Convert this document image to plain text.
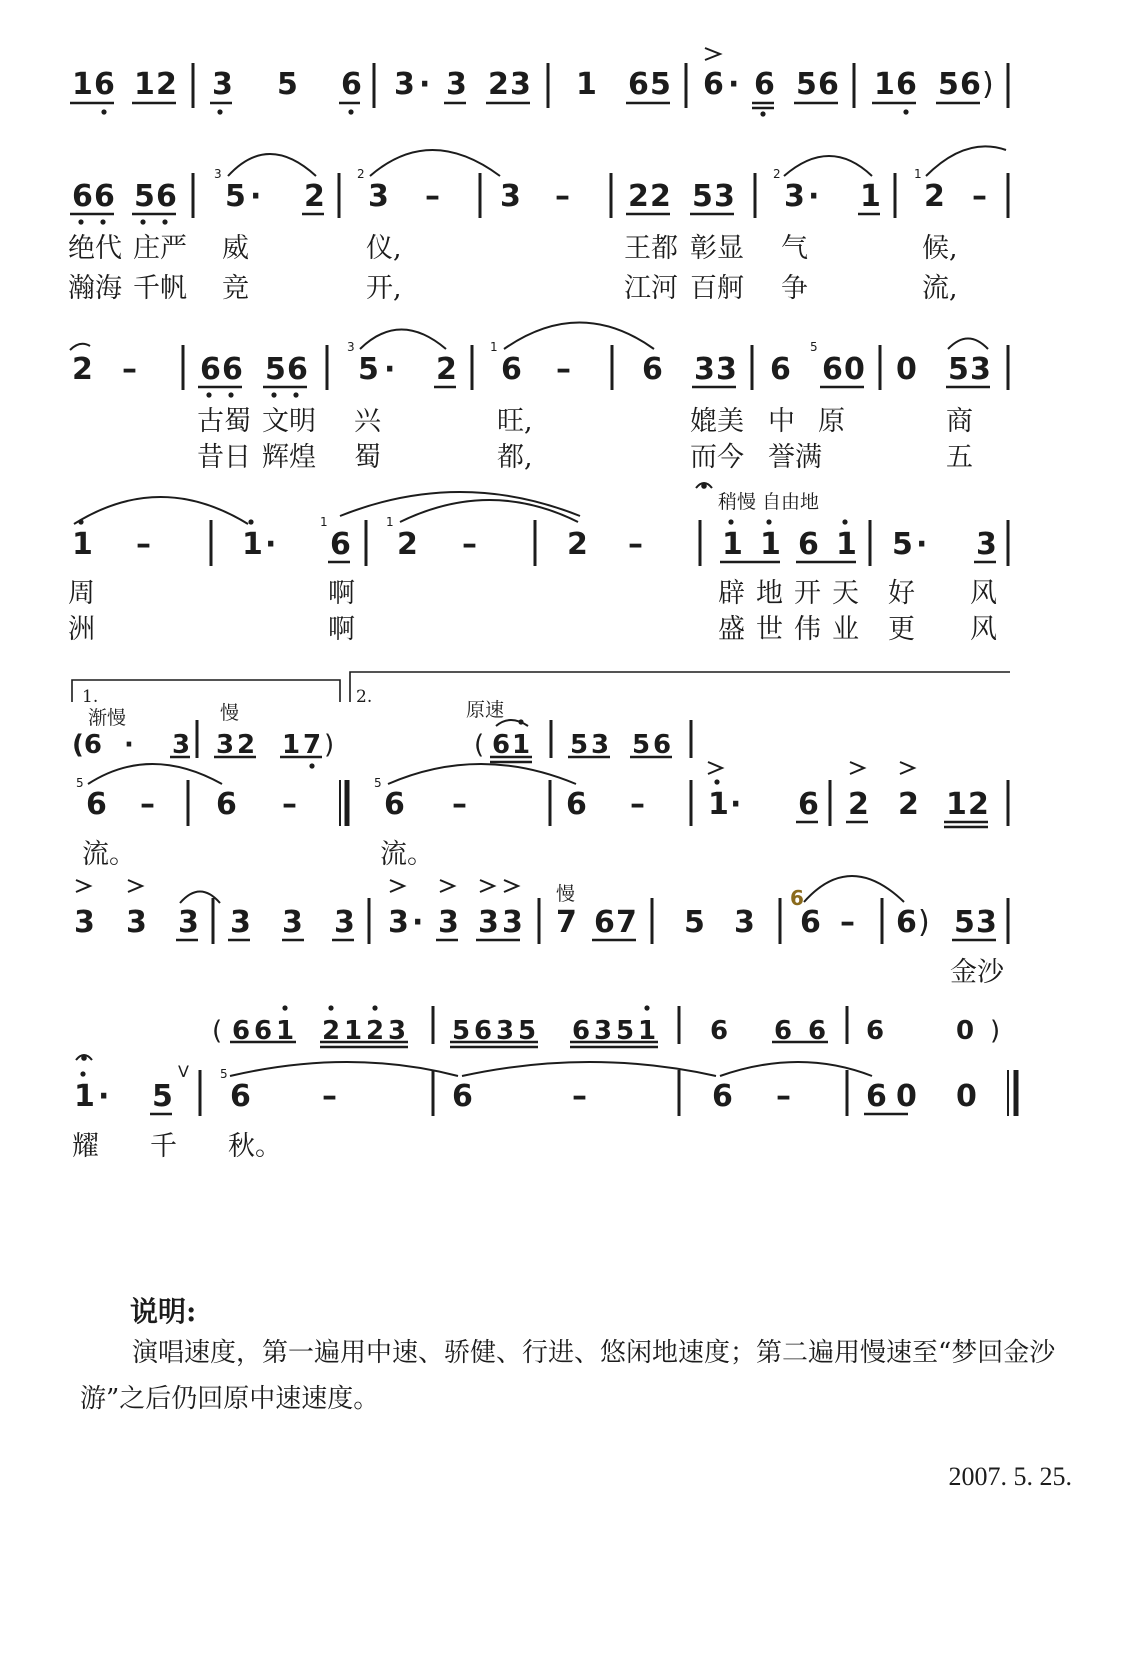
1 6 1 2 3 5 6 3 · 3 2 3 1 6 5 6 · 6 5 6 1 6 5 6 )
6 6 5 6
3
5 · 2
2
3 – 3 – 2 2 5 3
2
3 · 1
1
2 –
绝代 庄严 威	仪,	王都 彰显 气	候,
瀚海 千帆 竞	开,	江河 百舸 争	流,
2 – 6 6 5 6
3
5 · 2
1
6 – 6 3 3 6
5
6 0 0 5 3
古蜀 文明 兴	旺,	媲美 中 原	商
昔日 辉煌 蜀	都,	而今 誉满	五
稍慢 自由地
1 –	1 · 6
1	1
2 –	2 –	1 1 6 1 5 · 3
周	啊	辟 地 开 天 好 风
洲	啊	盛 世 伟 业 更 风
1.	2.
渐慢	慢	原速
(6 · 3 3 2 1 7 )	( 6 1 5 3 5 6
5
6 – 6 –
5
6 –	6 – 1 · 6 2 2 1 2
流。	流。
慢
3 3 3 3 3 3 3 · 3 3 3 7 6 7 5 3
6
6 – 6 ) 5 3
金沙
( 6 6 1 2 1 2 3 5 6 3 5 6 3 5 1 6 6 6 6	0 )
1 · 5
V	5
6 –	6	–	6 –	6 0 0
耀 千 秋。
说明:
演唱速度，第一遍用中速、骄健、行进、悠闲地速度；第二遍用慢速至“梦回金沙游”之后仍回原中速速度。
2007. 5. 25.
